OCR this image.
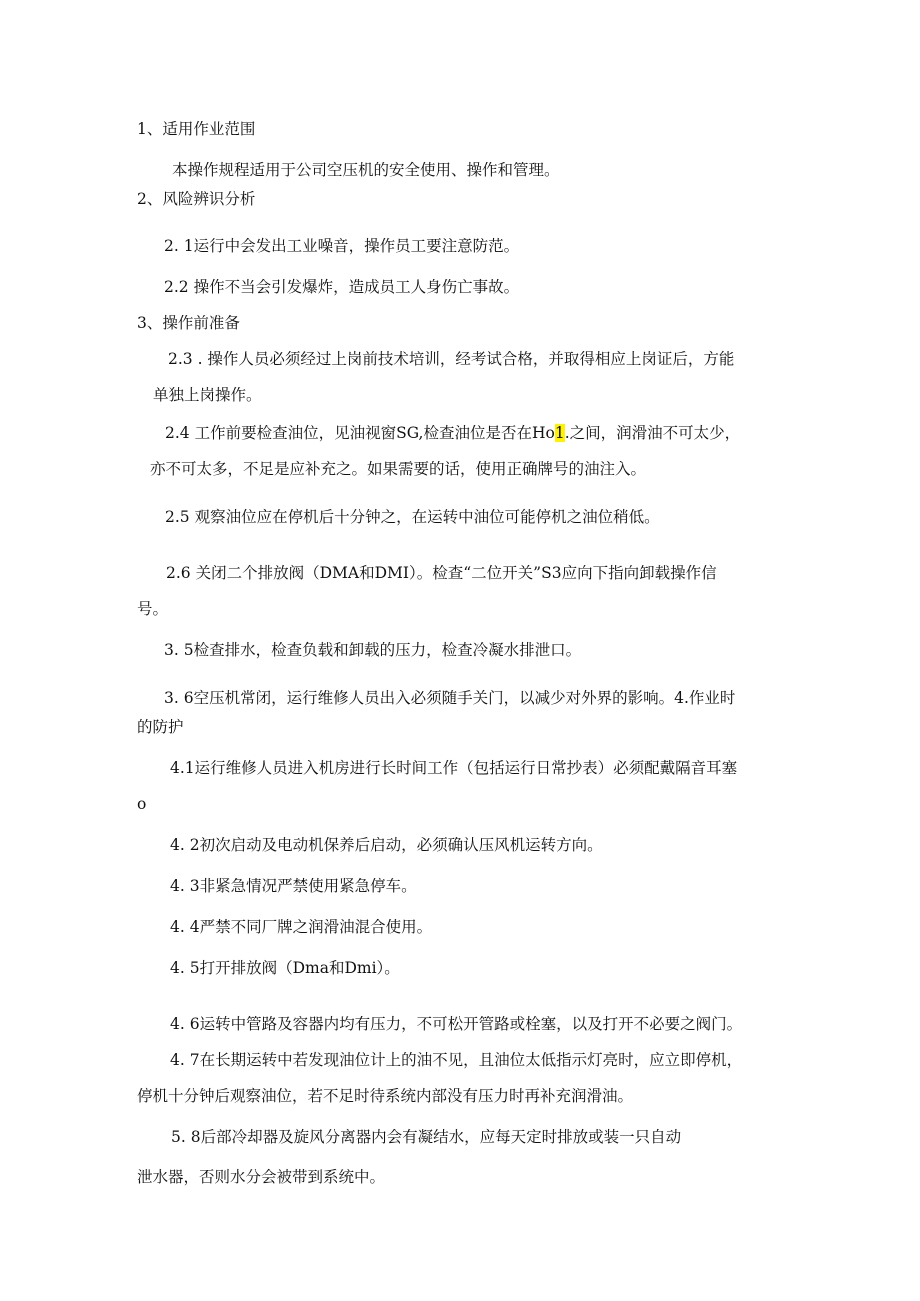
1、适用作业范围
本操作规程适用于公司空压机的安全使用、操作和管理。
2、风险辨识分析
2. 1运行中会发出工业噪音，操作员工要注意防范。
2.2 操作不当会引发爆炸，造成员工人身伤亡事故。
3、操作前准备
2.3 . 操作人员必须经过上岗前技术培训，经考试合格，并取得相应上岗证后，方能
单独上岗操作。
2.4 工作前要检查油位，见油视窗SG,检查油位是否在Ho1.之间，润滑油不可太少，
亦不可太多，不足是应补充之。如果需要的话，使用正确牌号的油注入。
2.5 观察油位应在停机后十分钟之，在运转中油位可能停机之油位稍低。
2.6 关闭二个排放阀（DMA和DMI）。检查“二位开关”S3应向下指向卸载操作信
号。
3. 5检查排水，检查负载和卸载的压力，检查冷凝水排泄口。
3. 6空压机常闭，运行维修人员出入必须随手关门，以减少对外界的影响。4.作业时
的防护
4.1运行维修人员进入机房进行长时间工作（包括运行日常抄表）必须配戴隔音耳塞
o
4. 2初次启动及电动机保养后启动，必须确认压风机运转方向。
4. 3非紧急情况严禁使用紧急停车。
4. 4严禁不同厂牌之润滑油混合使用。
4. 5打开排放阀（Dma和Dmi）。
4. 6运转中管路及容器内均有压力，不可松开管路或栓塞，以及打开不必要之阀门。
4. 7在长期运转中若发现油位计上的油不见，且油位太低指示灯亮时，应立即停机，
停机十分钟后观察油位，若不足时待系统内部没有压力时再补充润滑油。
5. 8后部冷却器及旋风分离器内会有凝结水，应每天定时排放或装一只自动
泄水器，否则水分会被带到系统中。
